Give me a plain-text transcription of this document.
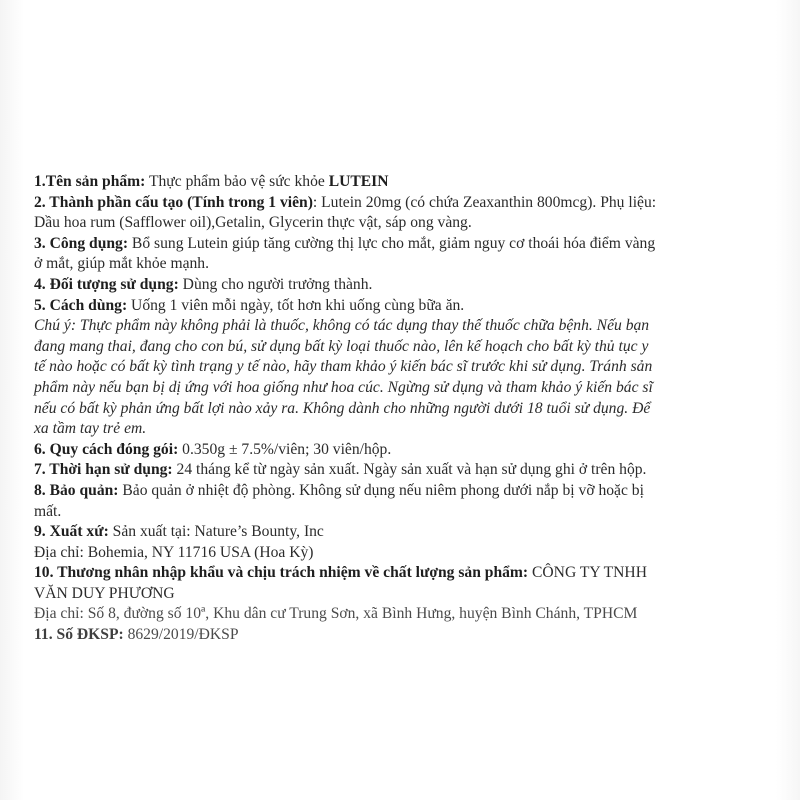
1.Tên sản phẩm: Thực phẩm bảo vệ sức khỏe LUTEIN
2. Thành phần cấu tạo (Tính trong 1 viên): Lutein 20mg (có chứa Zeaxanthin 800mcg). Phụ liệu:
Dầu hoa rum (Safflower oil),Getalin, Glycerin thực vật, sáp ong vàng.
3. Công dụng: Bổ sung Lutein giúp tăng cường thị lực cho mắt, giảm nguy cơ thoái hóa điểm vàng
ở mắt, giúp mắt khỏe mạnh.
4. Đối tượng sử dụng: Dùng cho người trưởng thành.
5. Cách dùng: Uống 1 viên mỗi ngày, tốt hơn khi uống cùng bữa ăn.
Chú ý: Thực phẩm này không phải là thuốc, không có tác dụng thay thế thuốc chữa bệnh. Nếu bạn
đang mang thai, đang cho con bú, sử dụng bất kỳ loại thuốc nào, lên kế hoạch cho bất kỳ thủ tục y
tế nào hoặc có bất kỳ tình trạng y tế nào, hãy tham khảo ý kiến bác sĩ trước khi sử dụng. Tránh sản
phẩm này nếu bạn bị dị ứng với hoa giống như hoa cúc. Ngừng sử dụng và tham khảo ý kiến bác sĩ
nếu có bất kỳ phản ứng bất lợi nào xảy ra. Không dành cho những người dưới 18 tuổi sử dụng. Để
xa tầm tay trẻ em.
6. Quy cách đóng gói: 0.350g ± 7.5%/viên; 30 viên/hộp.
7. Thời hạn sử dụng: 24 tháng kể từ ngày sản xuất. Ngày sản xuất và hạn sử dụng ghi ở trên hộp.
8. Bảo quản: Bảo quản ở nhiệt độ phòng. Không sử dụng nếu niêm phong dưới nắp bị vỡ hoặc bị
mất.
9. Xuất xứ: Sản xuất tại: Nature’s Bounty, Inc
Địa chỉ: Bohemia, NY 11716 USA (Hoa Kỳ)
10. Thương nhân nhập khẩu và chịu trách nhiệm về chất lượng sản phẩm: CÔNG TY TNHH
VĂN DUY PHƯƠNG
Địa chỉ: Số 8, đường số 10ª, Khu dân cư Trung Sơn, xã Bình Hưng, huyện Bình Chánh, TPHCM
11. Số ĐKSP: 8629/2019/ĐKSP
